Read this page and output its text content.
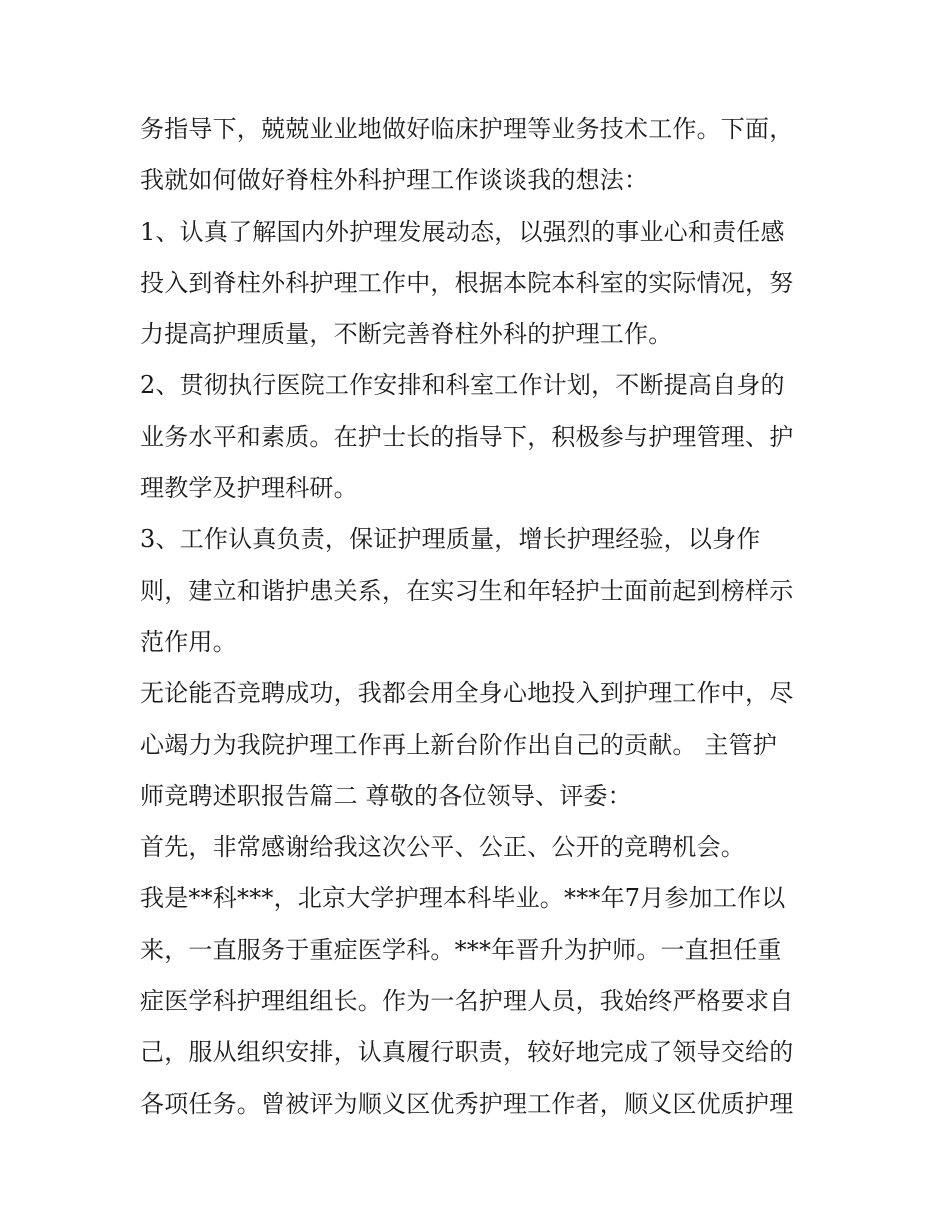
务指导下，兢兢业业地做好临床护理等业务技术工作。下面，
我就如何做好脊柱外科护理工作谈谈我的想法：
1、认真了解国内外护理发展动态，以强烈的事业心和责任感
投入到脊柱外科护理工作中，根据本院本科室的实际情况，努
力提高护理质量，不断完善脊柱外科的护理工作。
2、贯彻执行医院工作安排和科室工作计划，不断提高自身的
业务水平和素质。在护士长的指导下，积极参与护理管理、护
理教学及护理科研。
3、工作认真负责，保证护理质量，增长护理经验，以身作
则，建立和谐护患关系，在实习生和年轻护士面前起到榜样示
范作用。
无论能否竞聘成功，我都会用全身心地投入到护理工作中，尽
心竭力为我院护理工作再上新台阶作出自己的贡献。 主管护
师竞聘述职报告篇二 尊敬的各位领导、评委：
首先，非常感谢给我这次公平、公正、公开的竞聘机会。
我是**科***，北京大学护理本科毕业。***年7月参加工作以
来，一直服务于重症医学科。***年晋升为护师。一直担任重
症医学科护理组组长。作为一名护理人员，我始终严格要求自
己，服从组织安排，认真履行职责，较好地完成了领导交给的
各项任务。曾被评为顺义区优秀护理工作者，顺义区优质护理
